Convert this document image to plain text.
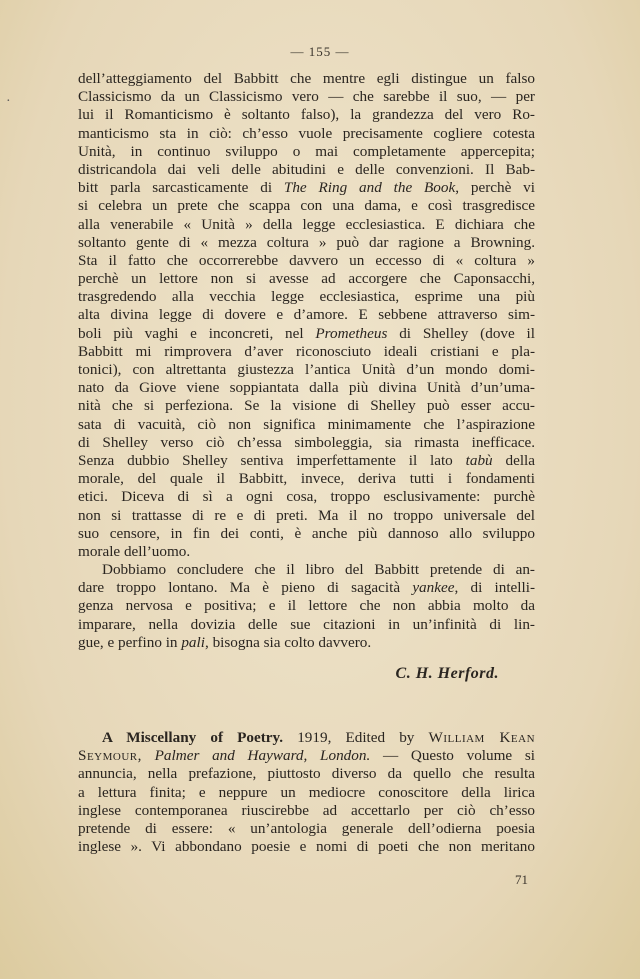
·
— 155 —
dell’atteggiamento del Babbitt che mentre egli distingue un falso
Classicismo da un Classicismo vero — che sarebbe il suo, — per
lui il Romanticismo è soltanto falso), la grandezza del vero Ro-
manticismo sta in ciò: ch’esso vuole precisamente cogliere cotesta
Unità, in continuo sviluppo o mai completamente appercepita;
districandola dai veli delle abitudini e delle convenzioni. Il Bab-
bitt parla sarcasticamente di The Ring and the Book, perchè vi
si celebra un prete che scappa con una dama, e così trasgredisce
alla venerabile « Unità » della legge ecclesiastica. E dichiara che
soltanto gente di « mezza coltura » può dar ragione a Browning.
Sta il fatto che occorrerebbe davvero un eccesso di « coltura »
perchè un lettore non si avesse ad accorgere che Caponsacchi,
trasgredendo alla vecchia legge ecclesiastica, esprime una più
alta divina legge di dovere e d’amore. E sebbene attraverso sim-
boli più vaghi e inconcreti, nel Prometheus di Shelley (dove il
Babbitt mi rimprovera d’aver riconosciuto ideali cristiani e pla-
tonici), con altrettanta giustezza l’antica Unità d’un mondo domi-
nato da Giove viene soppiantata dalla più divina Unità d’un’uma-
nità che si perfeziona. Se la visione di Shelley può esser accu-
sata di vacuità, ciò non significa minimamente che l’aspirazione
di Shelley verso ciò ch’essa simboleggia, sia rimasta inefficace.
Senza dubbio Shelley sentiva imperfettamente il lato tabù della
morale, del quale il Babbitt, invece, deriva tutti i fondamenti
etici. Diceva di sì a ogni cosa, troppo esclusivamente: purchè
non si trattasse di re e di preti. Ma il no troppo universale del
suo censore, in fin dei conti, è anche più dannoso allo sviluppo
morale dell’uomo.
Dobbiamo concludere che il libro del Babbitt pretende di an-
dare troppo lontano. Ma è pieno di sagacità yankee, di intelli-
genza nervosa e positiva; e il lettore che non abbia molto da
imparare, nella dovizia delle sue citazioni in un’infinità di lin-
gue, e perfino in pali, bisogna sia colto davvero.
C. H. Herford.
A Miscellany of Poetry. 1919, Edited by William Kean
Seymour, Palmer and Hayward, London. — Questo volume si
annuncia, nella prefazione, piuttosto diverso da quello che resulta
a lettura finita; e neppure un mediocre conoscitore della lirica
inglese contemporanea riuscirebbe ad accettarlo per ciò ch’esso
pretende di essere: « un’antologia generale dell’odierna poesia
inglese ». Vi abbondano poesie e nomi di poeti che non meritano
71
